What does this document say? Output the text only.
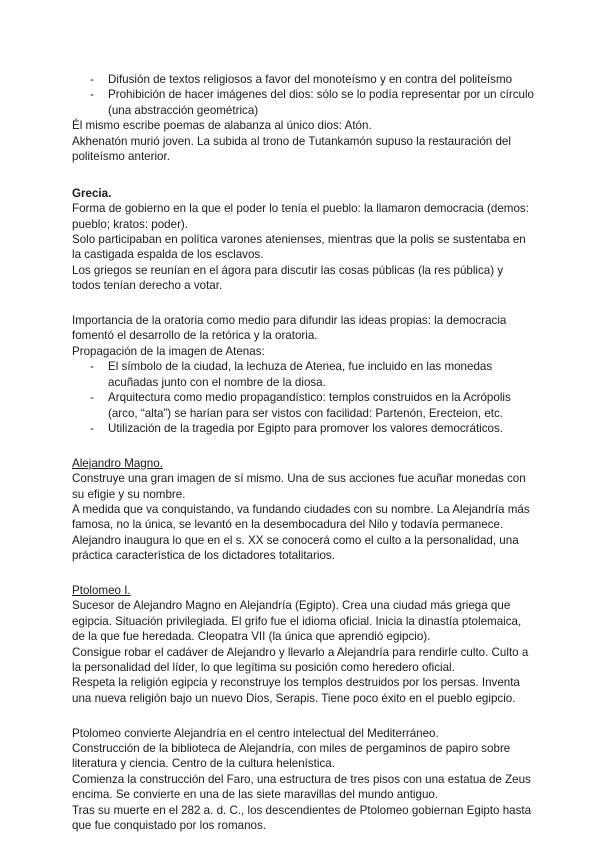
- Difusión de textos religiosos a favor del monoteísmo y en contra del politeísmo
- Prohibición de hacer imágenes del dios: sólo se lo podía representar por un círculo (una abstracción geométrica)

Él mismo escribe poemas de alabanza al único dios: Atón.

Akhenatón murió joven. La subida al trono de Tutankamón supuso la restauración del politeísmo anterior.

Grecia.

Forma de gobierno en la que el poder lo tenía el pueblo: la llamaron democracia (demos: pueblo; kratos: poder).

Solo participaban en política varones atenienses, mientras que la polis se sustentaba en la castigada espalda de los esclavos.

Los griegos se reunían en el ágora para discutir las cosas públicas (la res pública) y todos tenían derecho a votar.

Importancia de la oratoria como medio para difundir las ideas propias: la democracia fomentó el desarrollo de la retórica y la oratoria.

Propagación de la imagen de Atenas:

- El símbolo de la ciudad, la lechuza de Atenea, fue incluido en las monedas acuñadas junto con el nombre de la diosa.
- Arquitectura como medio propagandístico: templos construidos en la Acrópolis (arco, “alta”) se harían para ser vistos con facilidad: Partenón, Erecteion, etc.
- Utilización de la tragedia por Egipto para promover los valores democráticos.

Alejandro Magno.

Construye una gran imagen de sí mismo. Una de sus acciones fue acuñar monedas con su efigie y su nombre.

A medida que va conquistando, va fundando ciudades con su nombre. La Alejandría más famosa, no la única, se levantó en la desembocadura del Nilo y todavía permanece.

Alejandro inaugura lo que en el s. XX se conocerá como el culto a la personalidad, una práctica característica de los dictadores totalitarios.

Ptolomeo I.

Sucesor de Alejandro Magno en Alejandría (Egipto). Crea una ciudad más griega que egipcia. Situación privilegiada. El grifo fue el idioma oficial. Inicia la dinastía ptolemaica, de la que fue heredada. Cleopatra VII (la única que aprendió egipcio).

Consigue robar el cadáver de Alejandro y llevarlo a Alejandría para rendirle culto. Culto a la personalidad del líder, lo que legítima su posición como heredero oficial.

Respeta la religión egipcia y reconstruye los templos destruidos por los persas. Inventa una nueva religión bajo un nuevo Dios, Serapis. Tiene poco éxito en el pueblo egipcio.

Ptolomeo convierte Alejandría en el centro intelectual del Mediterráneo.

Construcción de la biblioteca de Alejandría, con miles de pergaminos de papiro sobre literatura y ciencia. Centro de la cultura helenística.

Comienza la construcción del Faro, una estructura de tres pisos con una estatua de Zeus encima. Se convierte en una de las siete maravillas del mundo antiguo.

Tras su muerte en el 282 a. d. C., los descendientes de Ptolomeo gobiernan Egipto hasta que fue conquistado por los romanos.
